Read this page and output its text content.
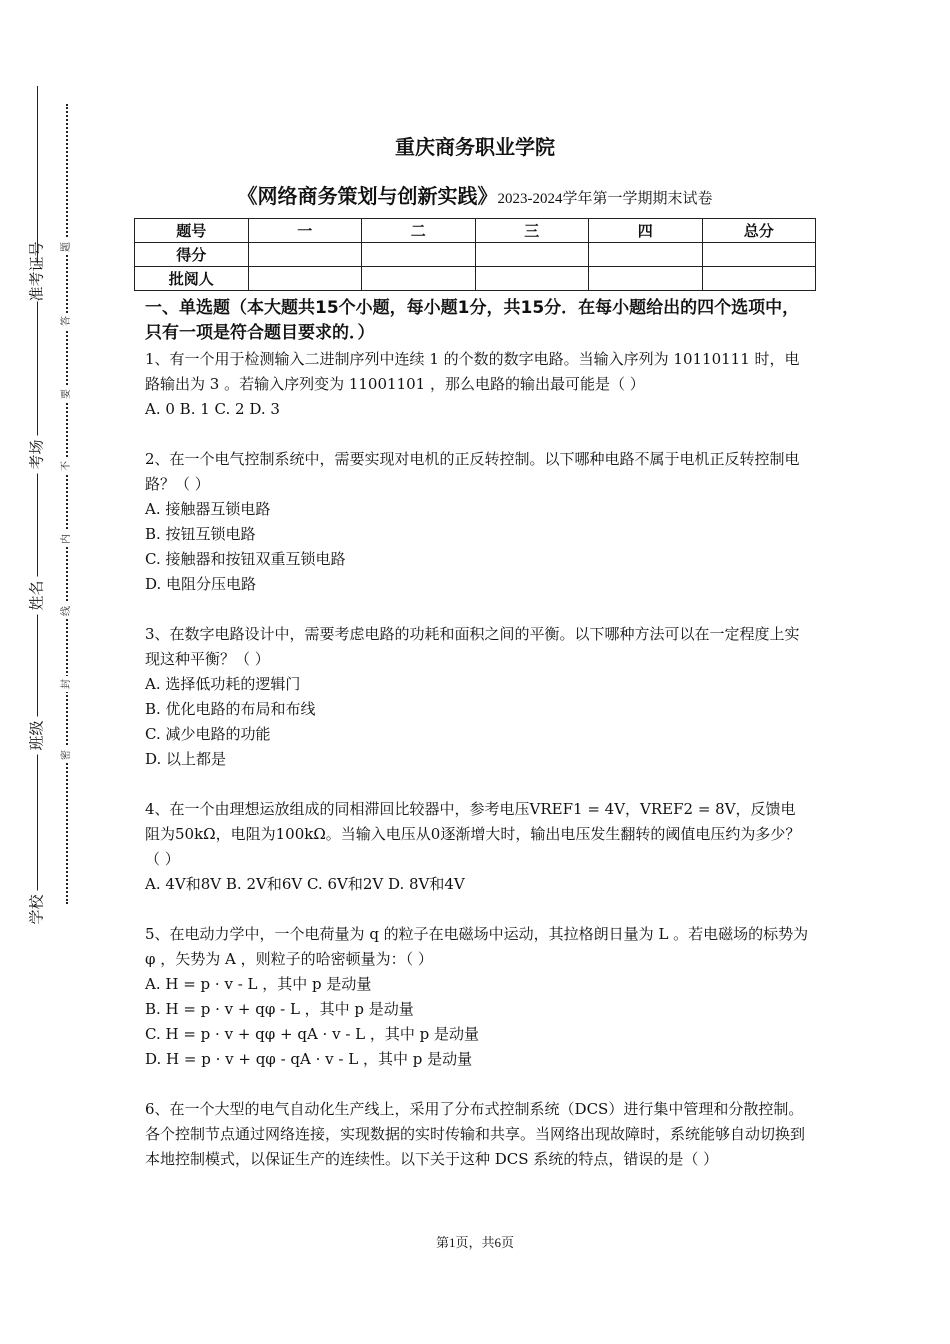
准考证号
考场
姓名
班级
学校
题
答
要
不
内
线
封
密
重庆商务职业学院
《网络商务策划与创新实践》2023-2024学年第一学期期末试卷
题号	一	二	三	四	总分
得分					
批阅人					
一、单选题（本大题共15个小题，每小题1分，共15分．在每小题给出的四个选项中，只有一项是符合题目要求的．）

1、有一个用于检测输入二进制序列中连续 1 的个数的数字电路。当输入序列为 10110111 时，电路输出为 3 。若输入序列变为 11001101 ，那么电路的输出最可能是（ ）

A. 0 B. 1 C. 2 D. 3

2、在一个电气控制系统中，需要实现对电机的正反转控制。以下哪种电路不属于电机正反转控制电路？（ ）

A. 接触器互锁电路

B. 按钮互锁电路

C. 接触器和按钮双重互锁电路

D. 电阻分压电路

3、在数字电路设计中，需要考虑电路的功耗和面积之间的平衡。以下哪种方法可以在一定程度上实现这种平衡？（ ）

A. 选择低功耗的逻辑门

B. 优化电路的布局和布线

C. 减少电路的功能

D. 以上都是

4、在一个由理想运放组成的同相滞回比较器中，参考电压VREF1 = 4V，VREF2 = 8V，反馈电阻为50kΩ，电阻为100kΩ。当输入电压从0逐渐增大时，输出电压发生翻转的阈值电压约为多少？（ ）

A. 4V和8V B. 2V和6V C. 6V和2V D. 8V和4V

5、在电动力学中，一个电荷量为 q 的粒子在电磁场中运动，其拉格朗日量为 L 。若电磁场的标势为 φ ，矢势为 A ，则粒子的哈密顿量为：（ ）

A. H = p · v - L ，其中 p 是动量

B. H = p · v + qφ - L ，其中 p 是动量

C. H = p · v + qφ + qA · v - L ，其中 p 是动量

D. H = p · v + qφ - qA · v - L ，其中 p 是动量

6、在一个大型的电气自动化生产线上，采用了分布式控制系统（DCS）进行集中管理和分散控制。各个控制节点通过网络连接，实现数据的实时传输和共享。当网络出现故障时，系统能够自动切换到本地控制模式，以保证生产的连续性。以下关于这种 DCS 系统的特点，错误的是（ ）

第1页，共6页
